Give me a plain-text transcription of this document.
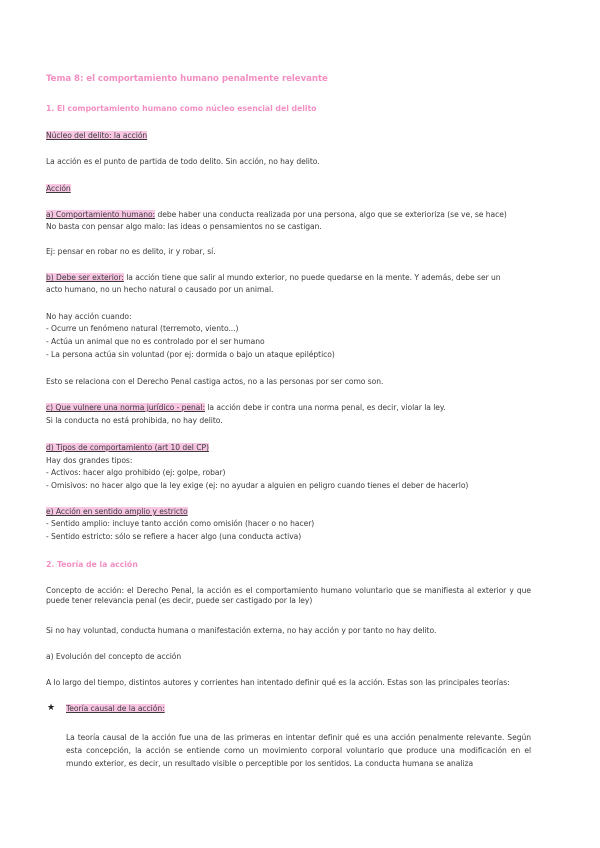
Tema 8: el comportamiento humano penalmente relevante
1. El comportamiento humano como núcleo esencial del delito
Núcleo del delito: la acción
La acción es el punto de partida de todo delito. Sin acción, no hay delito.
Acción
a) Comportamiento humano: debe haber una conducta realizada por una persona, algo que se exterioriza (se ve, se hace)
No basta con pensar algo malo: las ideas o pensamientos no se castigan.
Ej: pensar en robar no es delito, ir y robar, sí.
b) Debe ser exterior: la acción tiene que salir al mundo exterior, no puede quedarse en la mente. Y además, debe ser un
acto humano, no un hecho natural o causado por un animal.
No hay acción cuando:
- Ocurre un fenómeno natural (terremoto, viento...)
- Actúa un animal que no es controlado por el ser humano
- La persona actúa sin voluntad (por ej: dormida o bajo un ataque epiléptico)
Esto se relaciona con el Derecho Penal castiga actos, no a las personas por ser como son.
c) Que vulnere una norma jurídico - penal: la acción debe ir contra una norma penal, es decir, violar la ley.
Si la conducta no está prohibida, no hay delito.
d) Tipos de comportamiento (art 10 del CP)
Hay dos grandes tipos:
- Activos: hacer algo prohibido (ej: golpe, robar)
- Omisivos: no hacer algo que la ley exige (ej: no ayudar a alguien en peligro cuando tienes el deber de hacerlo)
e) Acción en sentido amplio y estricto
- Sentido amplio: incluye tanto acción como omisión (hacer o no hacer)
- Sentido estricto: sólo se refiere a hacer algo (una conducta activa)
2. Teoría de la acción
Concepto de acción: el Derecho Penal, la acción es el comportamiento humano voluntario que se manifiesta al exterior y que puede tener relevancia penal (es decir, puede ser castigado por la ley)
Si no hay voluntad, conducta humana o manifestación externa, no hay acción y por tanto no hay delito.
a) Evolución del concepto de acción
A lo largo del tiempo, distintos autores y corrientes han intentado definir qué es la acción. Estas son las principales teorías:
★ Teoría causal de la acción:
La teoría causal de la acción fue una de las primeras en intentar definir qué es una acción penalmente relevante. Según esta concepción, la acción se entiende como un movimiento corporal voluntario que produce una modificación en el mundo exterior, es decir, un resultado visible o perceptible por los sentidos. La conducta humana se analiza
